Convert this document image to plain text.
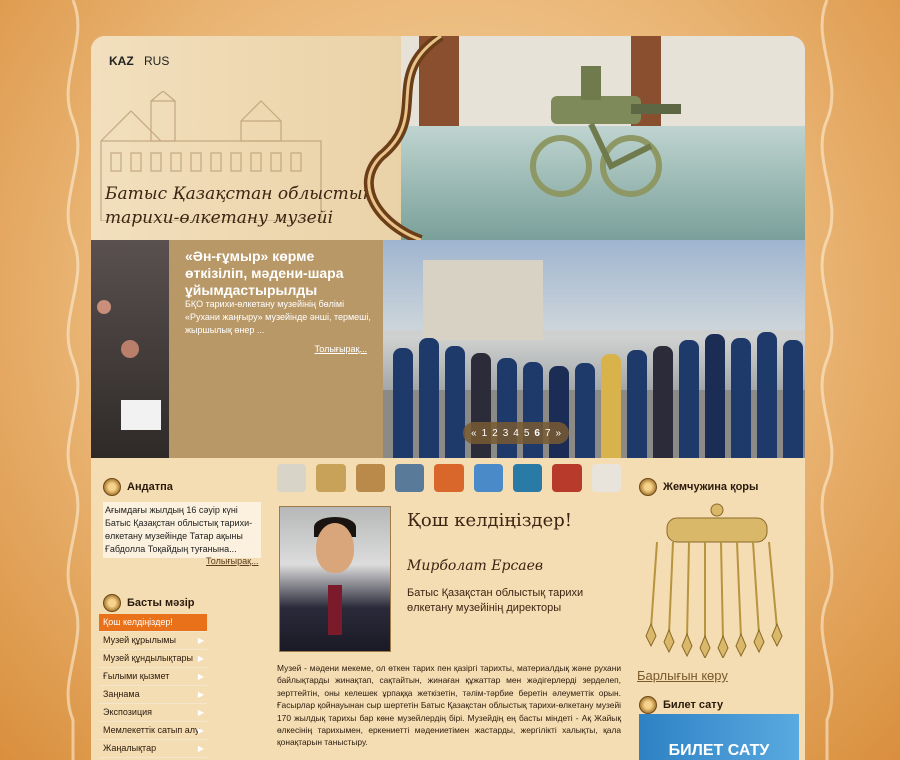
KAZ RUS
Батыс Қазақстан облыстық
тарихи-өлкетану музейі
«Ән-ғұмыр» көрме өткізіліп, мәдени-шара ұйымдастырылды
БҚО тарихи-өлкетану музейінің бөлімі «Рухани жаңғыру» музейінде әнші, термеші, жыршылық өнер ...
Толығырақ...
« 1 2 3 4 5 6 7 »
Андатпа
Ағымдағы жылдың 16 сәуір күні Батыс Қазақстан облыстық тарихи-өлкетану музейінде Татар ақыны Ғабдолла Тоқайдың туғанына...
Толығырақ...
Басты мәзір
Қош келдіңіздер!
Музей құрылымы	▶
Музей құндылықтары ▶
Ғылыми қызмет	▶
Заңнама	▶
Экспозиция	▶
Мемлекеттік сатып алу
▶
Жаңалықтар	▶
Қош келдіңіздер!
Мирболат Ерсаев
Батыс Қазақстан облыстық тарихи өлкетану музейінің директоры
Музей - мәдени мекеме, ол өткен тарих пен қазіргі тарихты, материалдық және рухани байлықтарды жинақтап, сақтайтын, жинаған құжаттар мен жәдігерлерді зерделеп, зерттейтін, оны келешек ұрпаққа жеткізетін, тәлім-тәрбие беретін әлеуметтік орын. Ғасырлар қойнауынан сыр шертетін Батыс Қазақстан облыстық тарихи-өлкетану музейі 170 жылдық тарихы бар көне музейлердің бірі. Музейдің ең басты міндеті - Ақ Жайық өлкесінің тарихымен, еркениетті мәдениетімен жастарды, жергілікті халықты, қала қонақтарын таныстыру.
Жемчужина қоры
Барлығын көру
Билет сату
БИЛЕТ САТУ
